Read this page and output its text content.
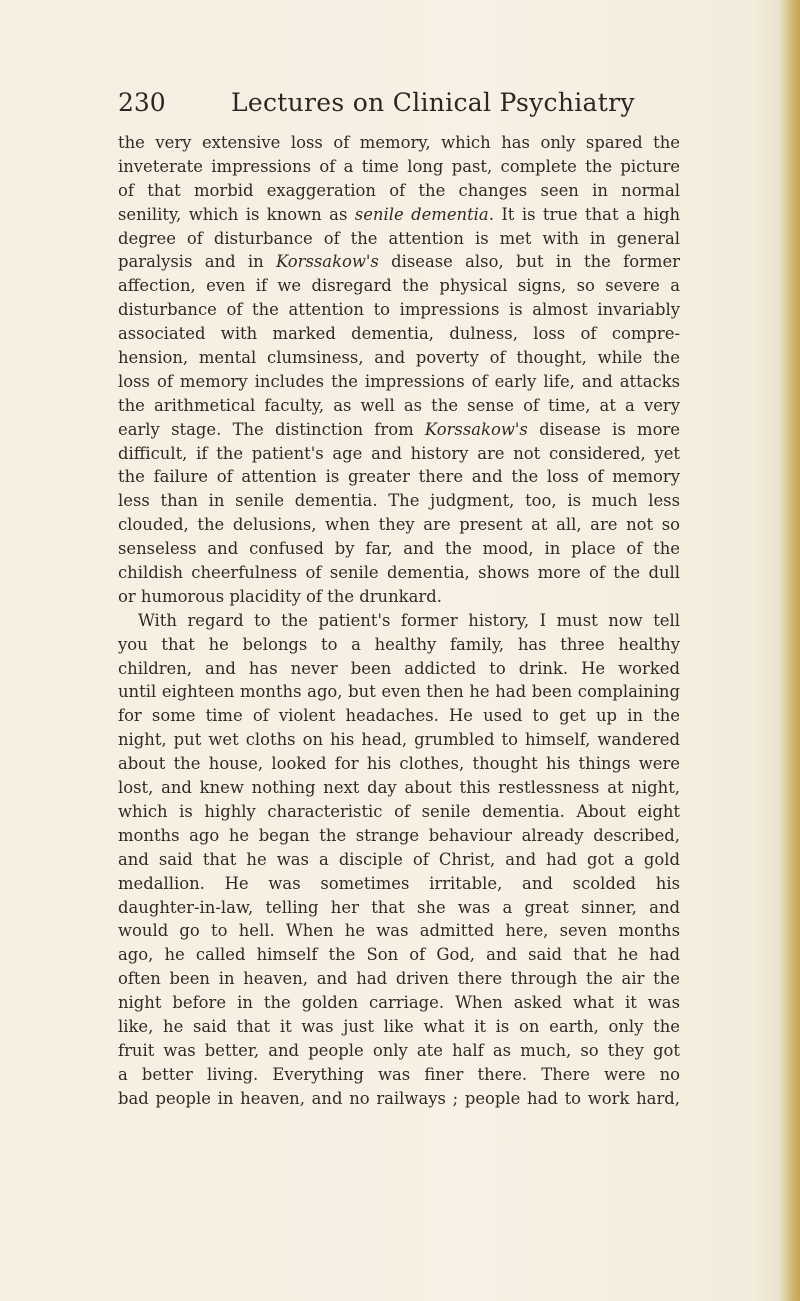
230	Lectures on Clinical Psychiatry
the very extensive loss of memory, which has only spared the
inveterate impressions of a time long past, complete the picture
of that morbid exaggeration of the changes seen in normal
senility, which is known as senile dementia. It is true that a high
degree of disturbance of the attention is met with in general
paralysis and in Korssakow's disease also, but in the former
affection, even if we disregard the physical signs, so severe a
disturbance of the attention to impressions is almost invariably
associated with marked dementia, dulness, loss of compre-
hension, mental clumsiness, and poverty of thought, while the
loss of memory includes the impressions of early life, and attacks
the arithmetical faculty, as well as the sense of time, at a very
early stage. The distinction from Korssakow's disease is more
difficult, if the patient's age and history are not considered, yet
the failure of attention is greater there and the loss of memory
less than in senile dementia. The judgment, too, is much less
clouded, the delusions, when they are present at all, are not so
senseless and confused by far, and the mood, in place of the
childish cheerfulness of senile dementia, shows more of the dull
or humorous placidity of the drunkard.
With regard to the patient's former history, I must now tell
you that he belongs to a healthy family, has three healthy
children, and has never been addicted to drink. He worked
until eighteen months ago, but even then he had been complaining
for some time of violent headaches. He used to get up in the
night, put wet cloths on his head, grumbled to himself, wandered
about the house, looked for his clothes, thought his things were
lost, and knew nothing next day about this restlessness at night,
which is highly characteristic of senile dementia. About eight
months ago he began the strange behaviour already described,
and said that he was a disciple of Christ, and had got a gold
medallion. He was sometimes irritable, and scolded his
daughter-in-law, telling her that she was a great sinner, and
would go to hell. When he was admitted here, seven months
ago, he called himself the Son of God, and said that he had
often been in heaven, and had driven there through the air the
night before in the golden carriage. When asked what it was
like, he said that it was just like what it is on earth, only the
fruit was better, and people only ate half as much, so they got
a better living. Everything was finer there. There were no
bad people in heaven, and no railways ; people had to work hard,
